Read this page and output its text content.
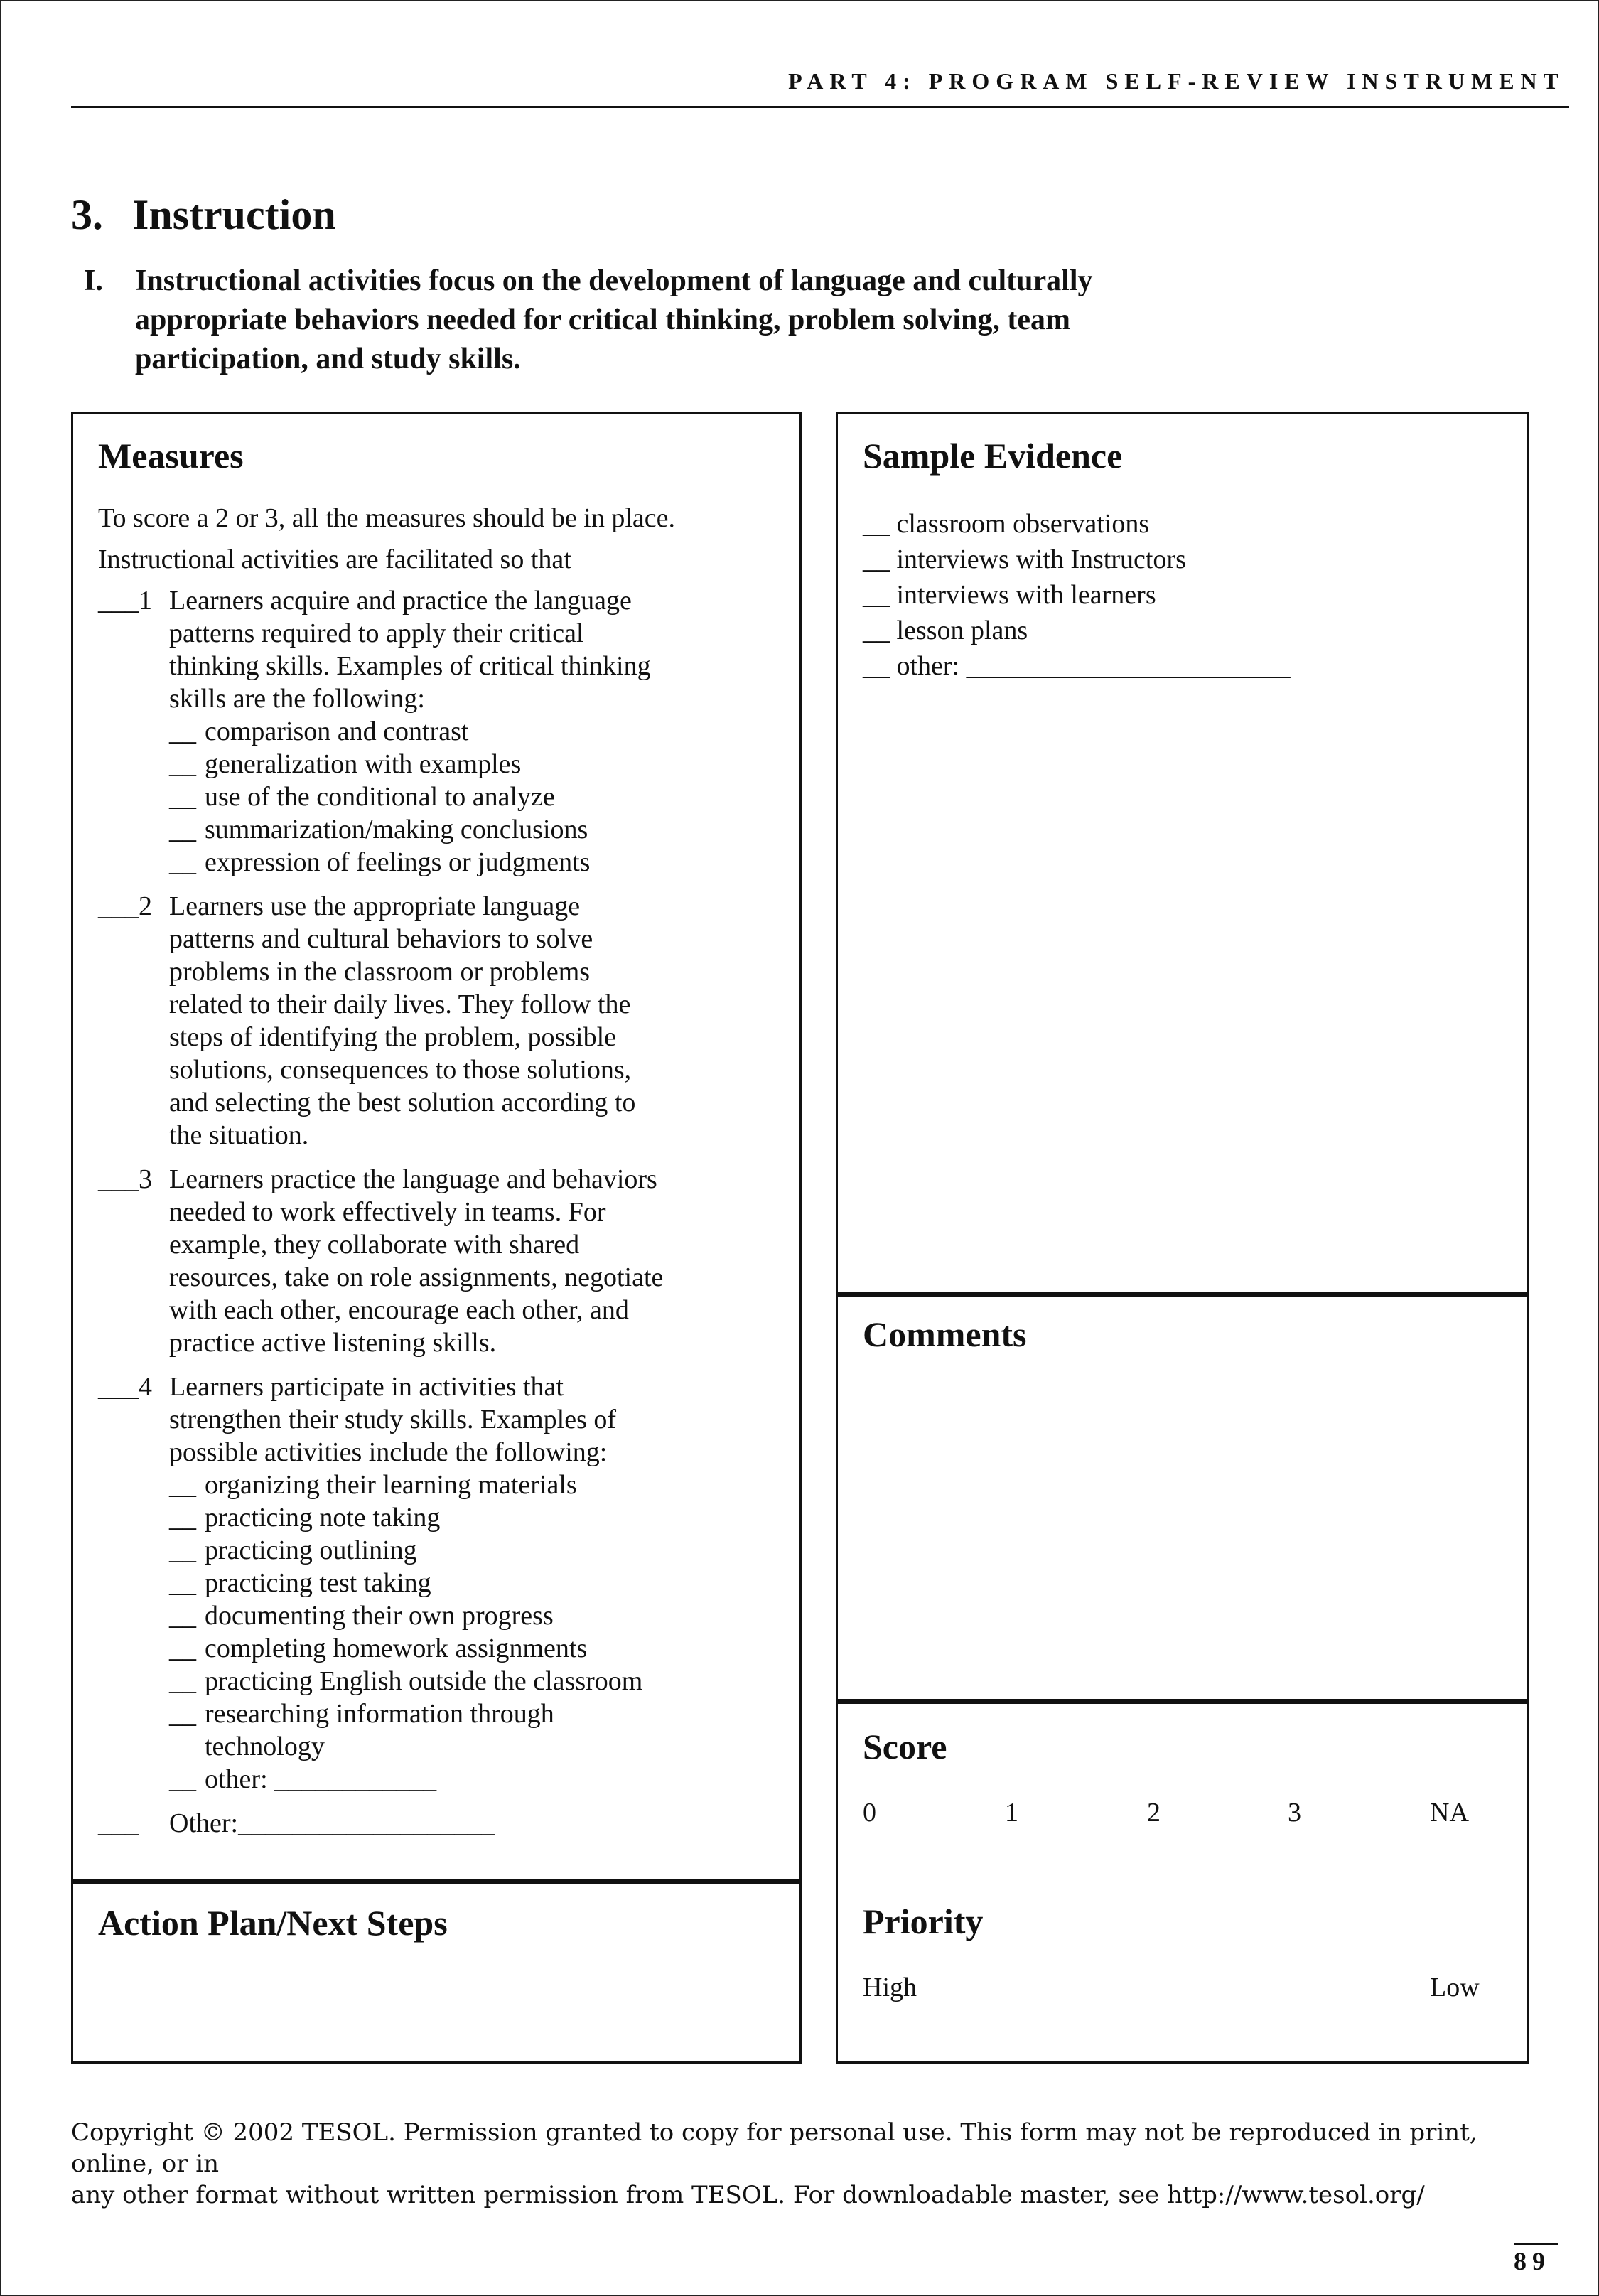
PART 4: PROGRAM SELF-REVIEW INSTRUMENT
3. Instruction
I. Instructional activities focus on the development of language and culturally
appropriate behaviors needed for critical thinking, problem solving, team
participation, and study skills.
Measures
To score a 2 or 3, all the measures should be in place.
Instructional activities are facilitated so that
___1 Learners acquire and practice the language
patterns required to apply their critical
thinking skills. Examples of critical thinking
skills are the following:
__ comparison and contrast
__ generalization with examples
__ use of the conditional to analyze
__ summarization/making conclusions
__ expression of feelings or judgments
___2 Learners use the appropriate language
patterns and cultural behaviors to solve
problems in the classroom or problems
related to their daily lives. They follow the
steps of identifying the problem, possible
solutions, consequences to those solutions,
and selecting the best solution according to
the situation.
___3 Learners practice the language and behaviors
needed to work effectively in teams. For
example, they collaborate with shared
resources, take on role assignments, negotiate
with each other, encourage each other, and
practice active listening skills.
___4 Learners participate in activities that
strengthen their study skills. Examples of
possible activities include the following:
__ organizing their learning materials
__ practicing note taking
__ practicing outlining
__ practicing test taking
__ documenting their own progress
__ completing homework assignments
__ practicing English outside the classroom
__ researching information through
technology
__ other: ____________
___ Other:___________________
Action Plan/Next Steps
Sample Evidence
__ classroom observations
__ interviews with Instructors
__ interviews with learners
__ lesson plans
__ other: ________________________
Comments
Score
0	1	2	3	NA
Priority
High	Low
Copyright © 2002 TESOL. Permission granted to copy for personal use. This form may not be reproduced in print, online, or in
any other format without written permission from TESOL. For downloadable master, see http://www.tesol.org/
89
